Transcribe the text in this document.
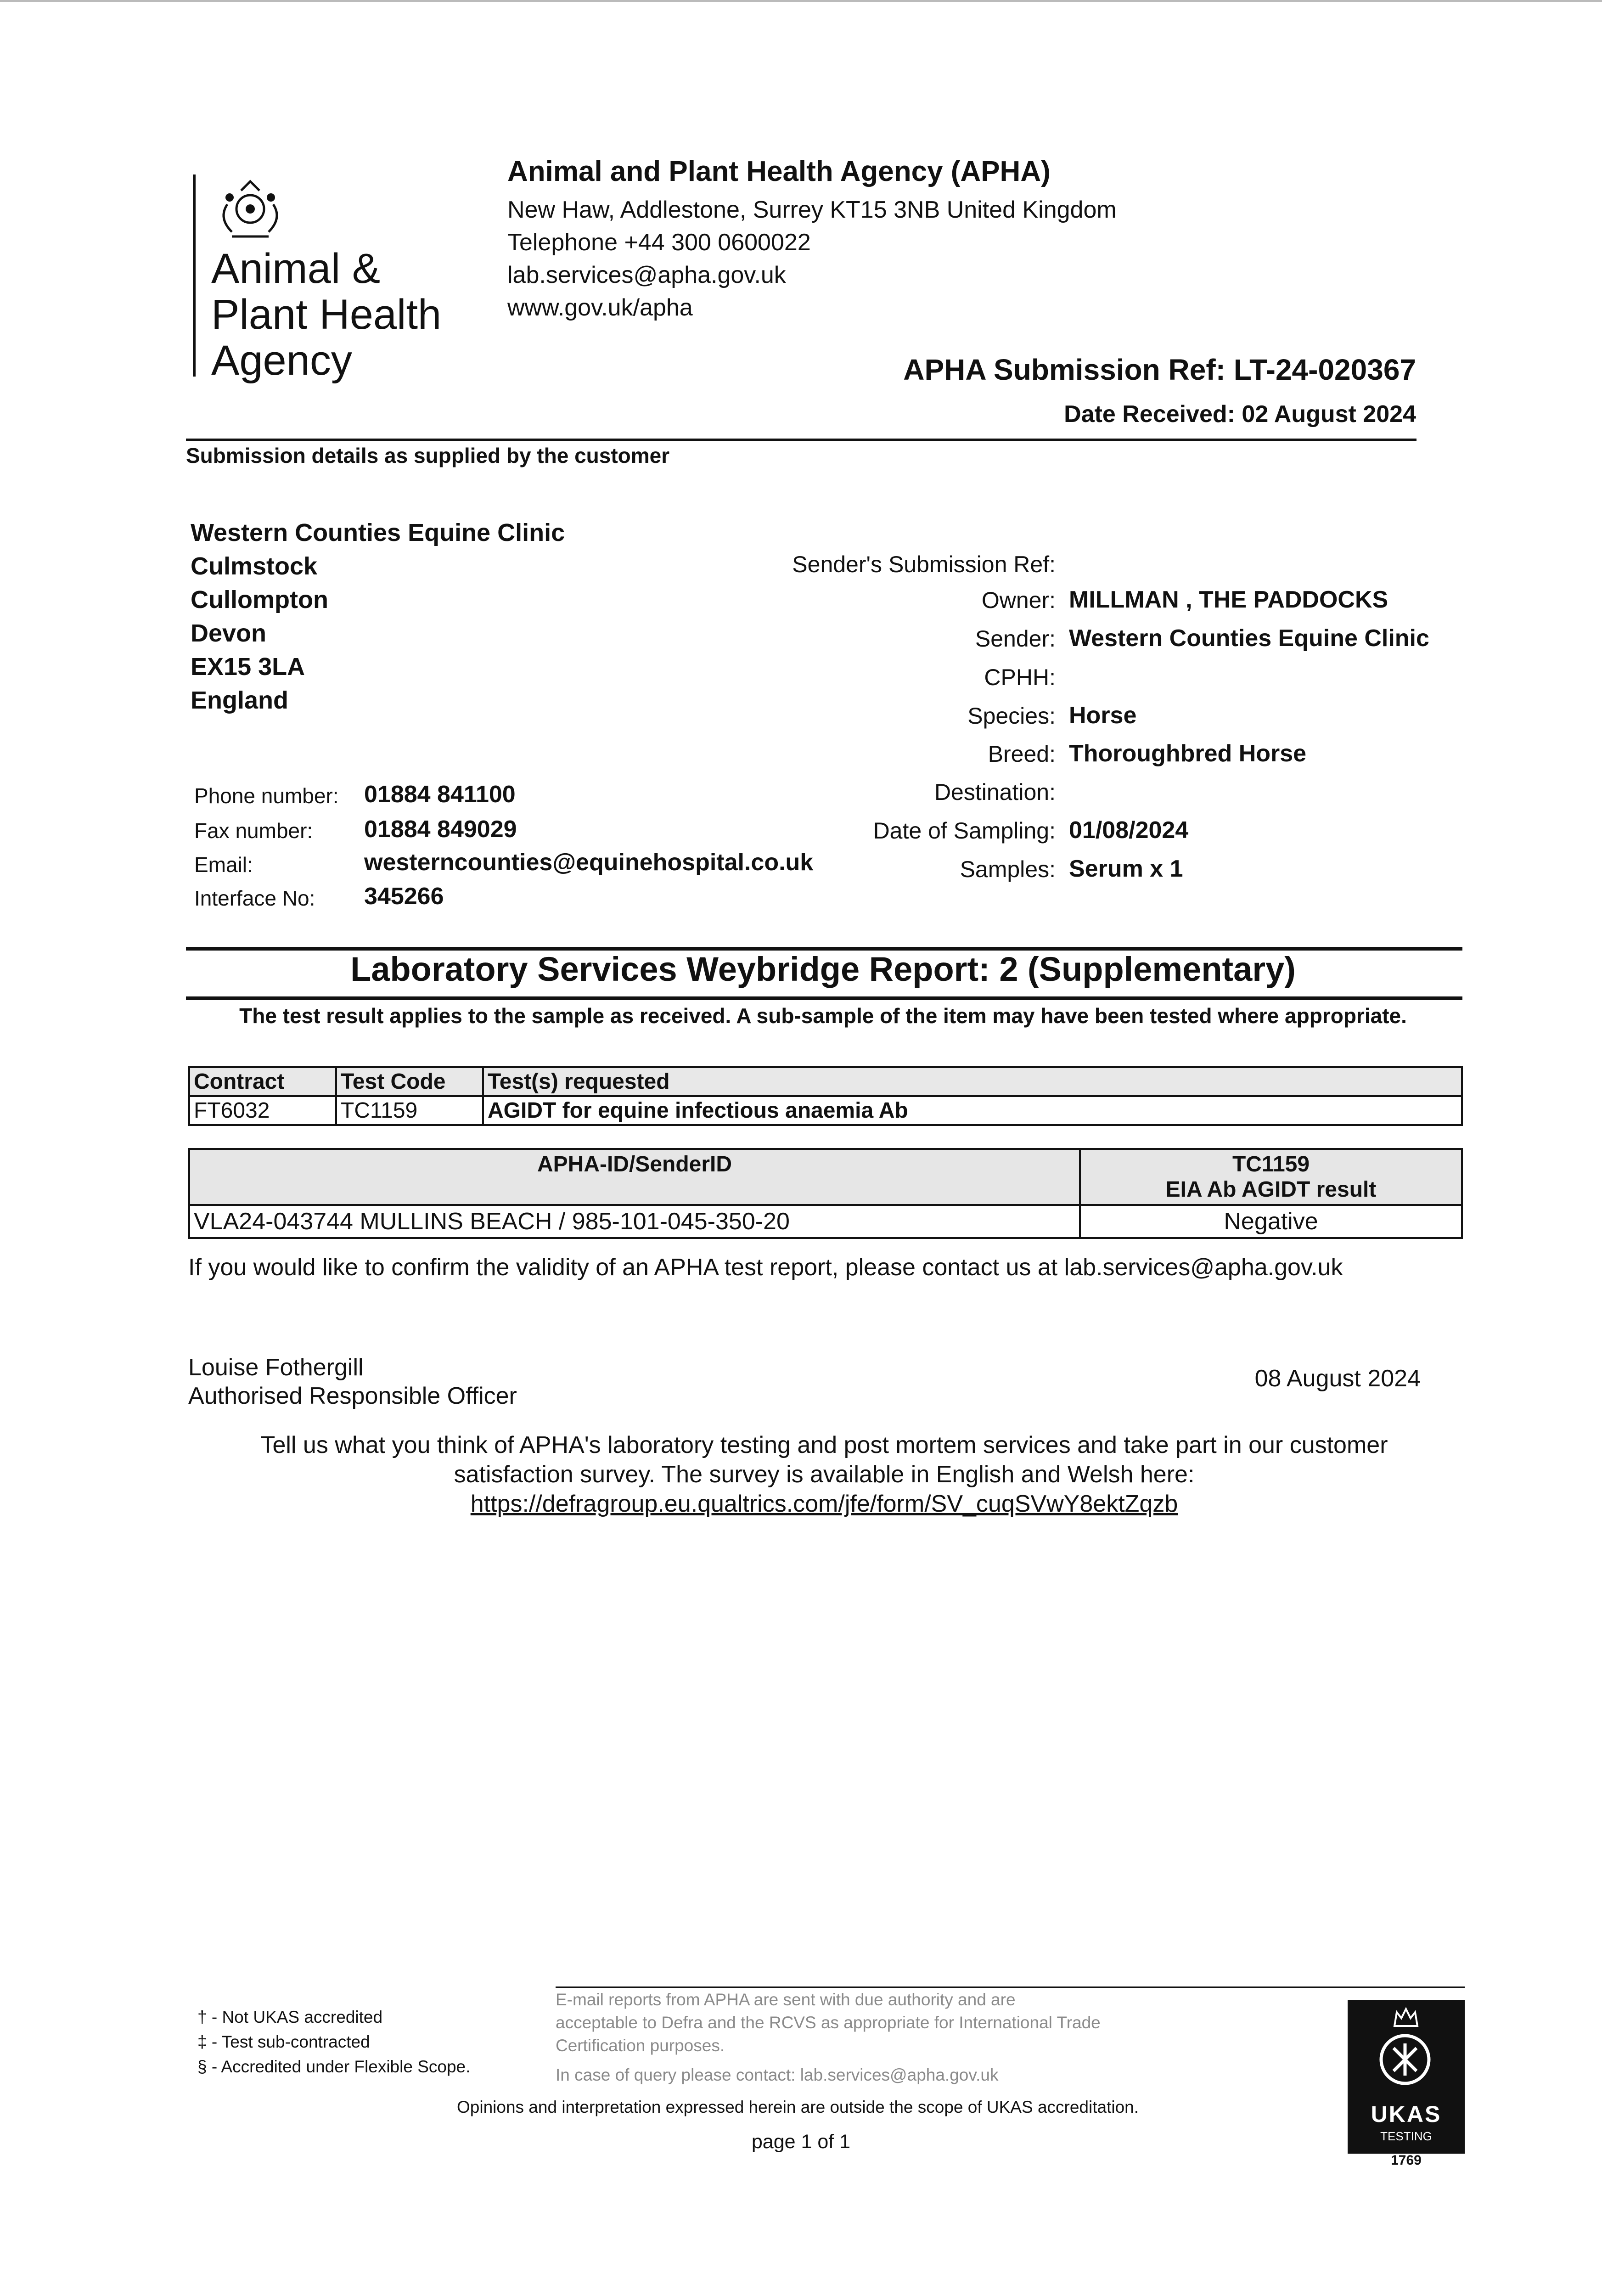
Animal &
Plant Health
Agency
Animal and Plant Health Agency (APHA)
New Haw, Addlestone, Surrey KT15 3NB United Kingdom
Telephone +44 300 0600022
lab.services@apha.gov.uk
www.gov.uk/apha
APHA Submission Ref: LT-24-020367
Date Received: 02 August 2024
Submission details as supplied by the customer
Western Counties Equine Clinic
Culmstock
Cullompton
Devon
EX15 3LA
England
Phone number: 01884 841100
Fax number: 01884 849029
Email:	westerncounties@equinehospital.co.uk
Interface No: 345266
Sender's Submission Ref:
Owner: MILLMAN , THE PADDOCKS
Sender: Western Counties Equine Clinic
CPHH:
Species: Horse
Breed: Thoroughbred Horse
Destination:
Date of Sampling: 01/08/2024
Samples: Serum x 1
Laboratory Services Weybridge Report: 2 (Supplementary)
The test result applies to the sample as received. A sub-sample of the item may have been tested where appropriate.
Contract	Test Code	Test(s) requested
FT6032	TC1159	AGIDT for equine infectious anaemia Ab
APHA-ID/SenderID	TC1159
EIA Ab AGIDT result

VLA24-043744 MULLINS BEACH / 985-101-045-350-20	Negative
If you would like to confirm the validity of an APHA test report, please contact us at lab.services@apha.gov.uk
Louise Fothergill
Authorised Responsible Officer
08 August 2024
Tell us what you think of APHA's laboratory testing and post mortem services and take part in our customer
satisfaction survey. The survey is available in English and Welsh here:
https://defragroup.eu.qualtrics.com/jfe/form/SV_cuqSVwY8ektZqzb
† - Not UKAS accredited
‡ - Test sub-contracted
§ - Accredited under Flexible Scope.
E-mail reports from APHA are sent with due authority and are
acceptable to Defra and the RCVS as appropriate for International Trade
Certification purposes.
In case of query please contact: lab.services@apha.gov.uk
Opinions and interpretation expressed herein are outside the scope of UKAS accreditation.
page 1 of 1
UKAS
TESTING
1769
